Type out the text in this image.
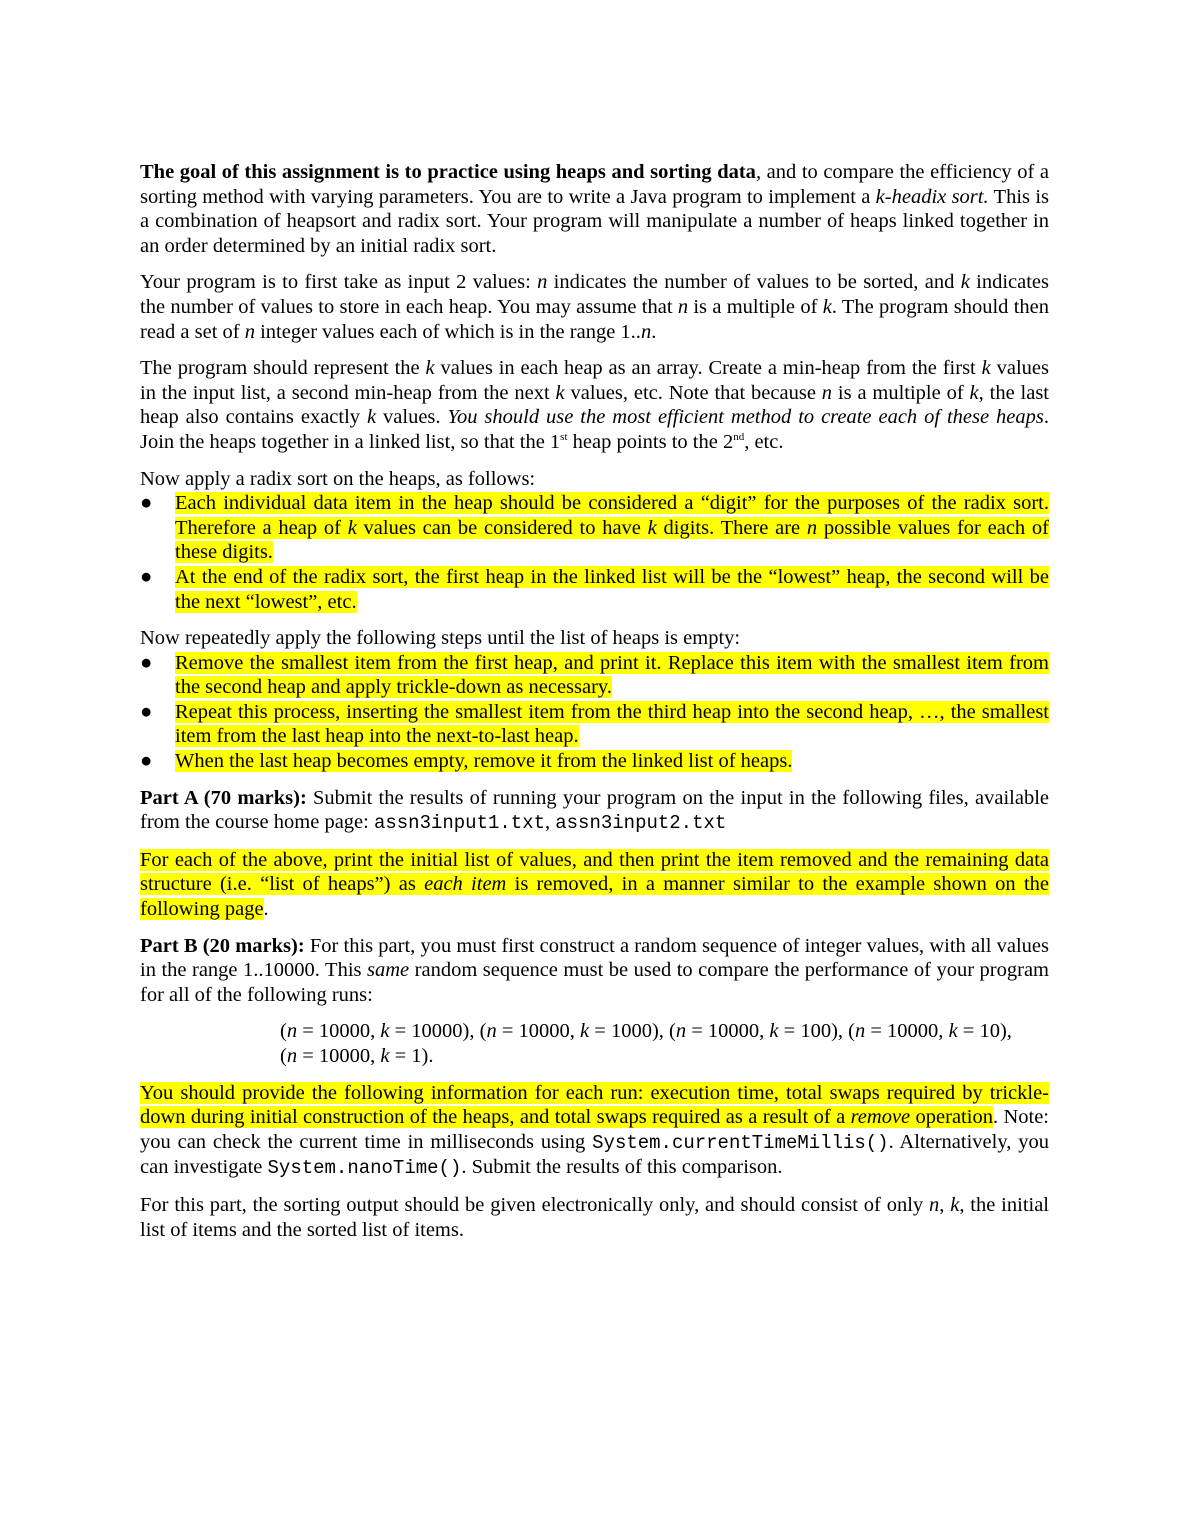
The goal of this assignment is to practice using heaps and sorting data, and to compare the efficiency of a sorting method with varying parameters. You are to write a Java program to implement a k-headix sort. This is a combination of heapsort and radix sort. Your program will manipulate a number of heaps linked together in an order determined by an initial radix sort.

Your program is to first take as input 2 values: n indicates the number of values to be sorted, and k indicates the number of values to store in each heap. You may assume that n is a multiple of k. The program should then read a set of n integer values each of which is in the range 1..n.

The program should represent the k values in each heap as an array. Create a min-heap from the first k values in the input list, a second min-heap from the next k values, etc. Note that because n is a multiple of k, the last heap also contains exactly k values. You should use the most efficient method to create each of these heaps. Join the heaps together in a linked list, so that the 1st heap points to the 2nd, etc.

Now apply a radix sort on the heaps, as follows:

● Each individual data item in the heap should be considered a “digit” for the purposes of the radix sort. Therefore a heap of k values can be considered to have k digits. There are n possible values for each of these digits.
● At the end of the radix sort, the first heap in the linked list will be the “lowest” heap, the second will be the next “lowest”, etc.

Now repeatedly apply the following steps until the list of heaps is empty:

● Remove the smallest item from the first heap, and print it. Replace this item with the smallest item from the second heap and apply trickle-down as necessary.
● Repeat this process, inserting the smallest item from the third heap into the second heap, …, the smallest item from the last heap into the next-to-last heap.
● When the last heap becomes empty, remove it from the linked list of heaps.

Part A (70 marks): Submit the results of running your program on the input in the following files, available from the course home page: assn3input1.txt, assn3input2.txt

For each of the above, print the initial list of values, and then print the item removed and the remaining data structure (i.e. “list of heaps”) as each item is removed, in a manner similar to the example shown on the following page.

Part B (20 marks): For this part, you must first construct a random sequence of integer values, with all values in the range 1..10000. This same random sequence must be used to compare the performance of your program for all of the following runs:

(n = 10000, k = 10000), (n = 10000, k = 1000), (n = 10000, k = 100), (n = 10000, k = 10),
(n = 10000, k = 1).

You should provide the following information for each run: execution time, total swaps required by trickle-down during initial construction of the heaps, and total swaps required as a result of a remove operation. Note: you can check the current time in milliseconds using System.currentTimeMillis(). Alternatively, you can investigate System.nanoTime(). Submit the results of this comparison.

For this part, the sorting output should be given electronically only, and should consist of only n, k, the initial list of items and the sorted list of items.
